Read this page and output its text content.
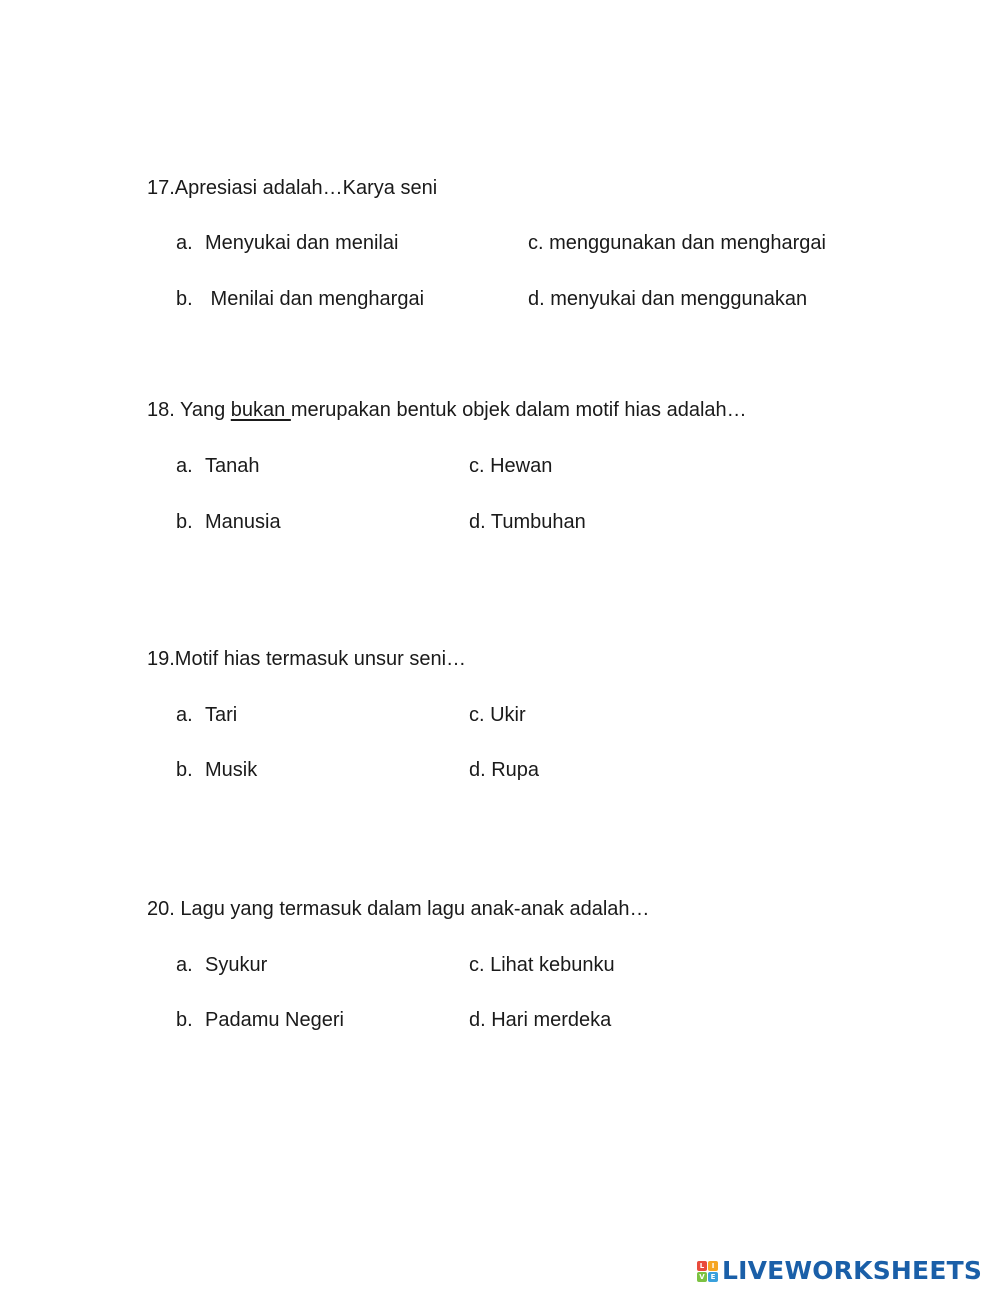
17.Apresiasi adalah…Karya seni
a. Menyukai dan menilai
b. Menilai dan menghargai
c. menggunakan dan menghargai
d. menyukai dan menggunakan
18. Yang bukan merupakan bentuk objek dalam motif hias adalah…
a. Tanah
b. Manusia
c. Hewan
d. Tumbuhan
19.Motif hias termasuk unsur seni…
a. Tari
b. Musik
c. Ukir
d. Rupa
20. Lagu yang termasuk dalam lagu anak-anak adalah…
a. Syukur
b. Padamu Negeri
c. Lihat kebunku
d. Hari merdeka
L	I
V E LIVEWORKSHEETS
